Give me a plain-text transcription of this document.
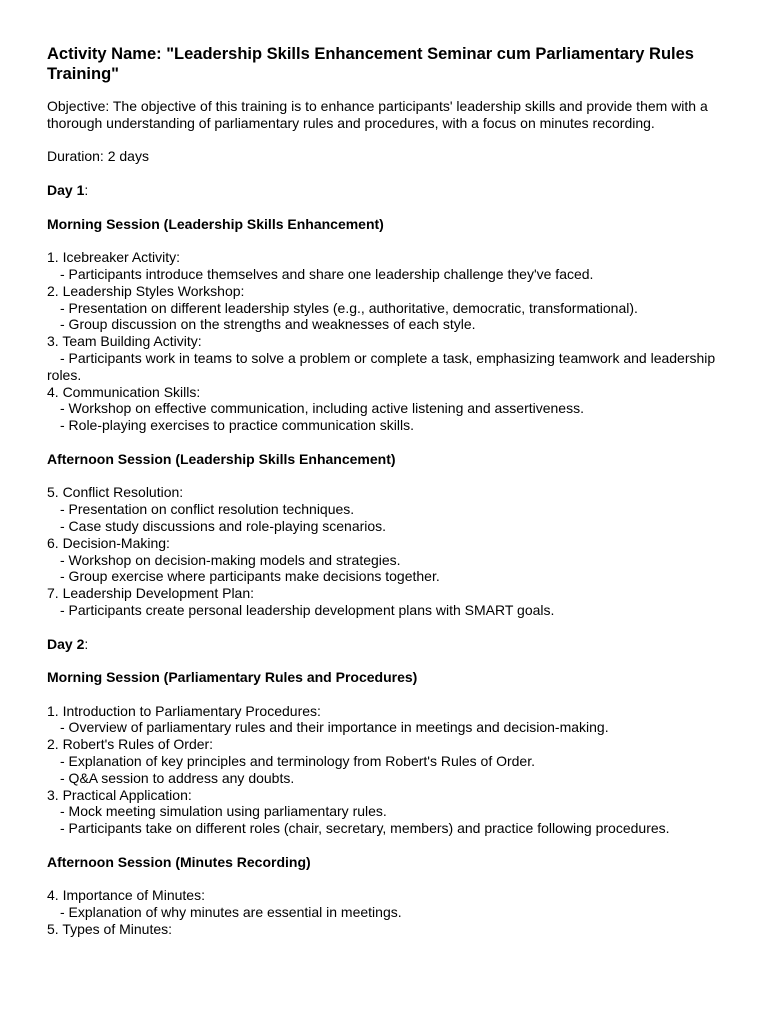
Activity Name: "Leadership Skills Enhancement Seminar cum Parliamentary Rules   Training"

Objective: The objective of this training is to enhance participants' leadership skills and provide them with a thorough understanding of parliamentary rules and procedures, with a focus on minutes recording.

Duration: 2 days

Day 1:

Morning Session (Leadership Skills Enhancement)

1. Icebreaker Activity:

- Participants introduce themselves and share one leadership challenge they've faced.

2. Leadership Styles Workshop:

- Presentation on different leadership styles (e.g., authoritative, democratic, transformational).

- Group discussion on the strengths and weaknesses of each style.

3. Team Building Activity:

- Participants work in teams to solve a problem or complete a task, emphasizing teamwork and leadership roles.

4. Communication Skills:

- Workshop on effective communication, including active listening and assertiveness.

- Role-playing exercises to practice communication skills.

Afternoon Session (Leadership Skills Enhancement)

5. Conflict Resolution:

- Presentation on conflict resolution techniques.

- Case study discussions and role-playing scenarios.

6. Decision-Making:

- Workshop on decision-making models and strategies.

- Group exercise where participants make decisions together.

7. Leadership Development Plan:

- Participants create personal leadership development plans with SMART goals.

Day 2:

Morning Session (Parliamentary Rules and Procedures)

1. Introduction to Parliamentary Procedures:

- Overview of parliamentary rules and their importance in meetings and decision-making.

2. Robert's Rules of Order:

- Explanation of key principles and terminology from Robert's Rules of Order.

- Q&A session to address any doubts.

3. Practical Application:

- Mock meeting simulation using parliamentary rules.

- Participants take on different roles (chair, secretary, members) and practice following procedures.

Afternoon Session (Minutes Recording)

4. Importance of Minutes:

- Explanation of why minutes are essential in meetings.

5. Types of Minutes:
